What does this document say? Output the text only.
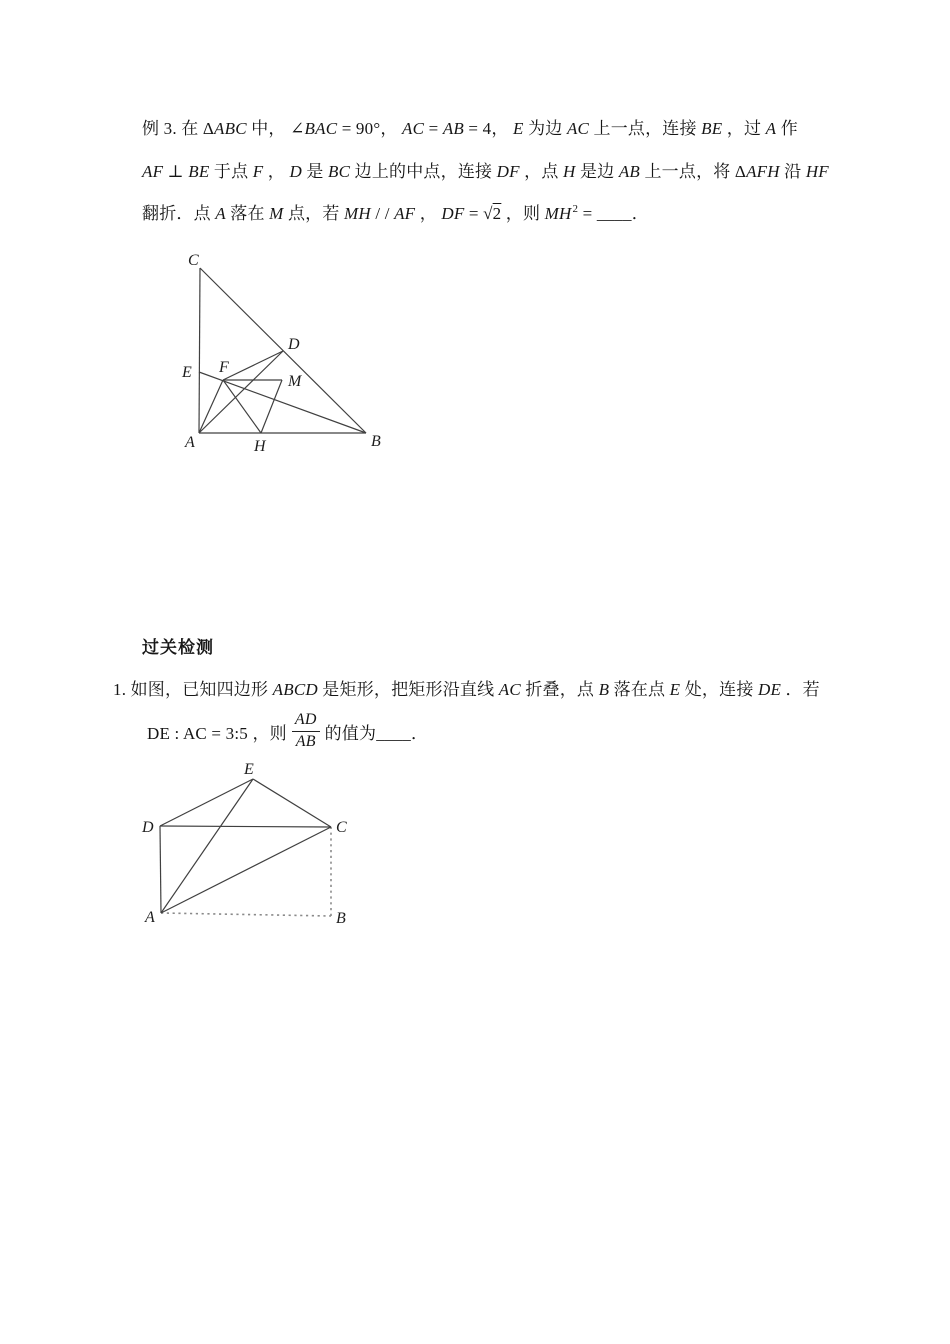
例 3. 在 ΔABC 中， ∠BAC = 90°， AC = AB = 4， E 为边 AC 上一点，连接 BE ，过 A 作
AF ⊥ BE 于点 F ， D 是 BC 边上的中点，连接 DF ，点 H 是边 AB 上一点，将 ΔAFH 沿 HF
翻折．点 A 落在 M 点，若 MH / / AF ， DF = √2 ，则 $MH^2$ = ____．
C
D
E F
M
A	H	B
过关检测
1. 如图，已知四边形 ABCD 是矩形，把矩形沿直线 AC 折叠，点 B 落在点 E 处，连接 DE ．若
DE : AC = 3:5 ，则 $\frac{AD}{AB}$ 的值为____．
E
D	C
A	B
